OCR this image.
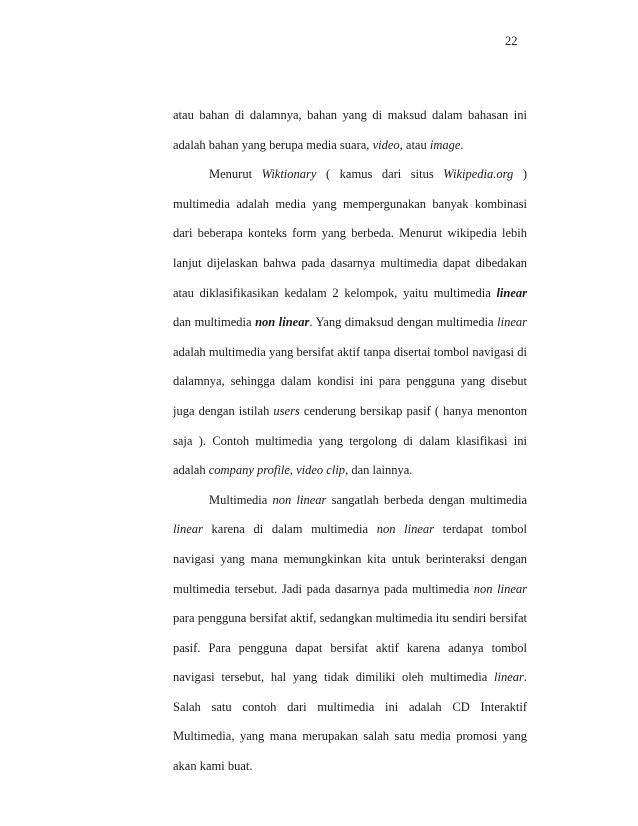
22

atau bahan di dalamnya, bahan yang di maksud dalam bahasan ini adalah bahan yang berupa media suara, video, atau image.

Menurut Wiktionary ( kamus dari situs Wikipedia.org ) multimedia adalah media yang mempergunakan banyak kombinasi dari beberapa konteks form yang berbeda. Menurut wikipedia lebih lanjut dijelaskan bahwa pada dasarnya multimedia dapat dibedakan atau diklasifikasikan kedalam 2 kelompok, yaitu multimedia linear dan multimedia non linear. Yang dimaksud dengan multimedia linear adalah multimedia yang bersifat aktif tanpa disertai tombol navigasi di dalamnya, sehingga dalam kondisi ini para pengguna yang disebut juga dengan istilah users cenderung bersikap pasif ( hanya menonton saja ). Contoh multimedia yang tergolong di dalam klasifikasi ini adalah company profile, video clip, dan lainnya.

Multimedia non linear sangatlah berbeda dengan multimedia linear karena di dalam multimedia non linear terdapat tombol navigasi yang mana memungkinkan kita untuk berinteraksi dengan multimedia tersebut. Jadi pada dasarnya pada multimedia non linear para pengguna bersifat aktif, sedangkan multimedia itu sendiri bersifat pasif. Para pengguna dapat bersifat aktif karena adanya tombol navigasi tersebut, hal yang tidak dimiliki oleh multimedia linear. Salah satu contoh dari multimedia ini adalah CD Interaktif Multimedia, yang mana merupakan salah satu media promosi yang akan kami buat.
